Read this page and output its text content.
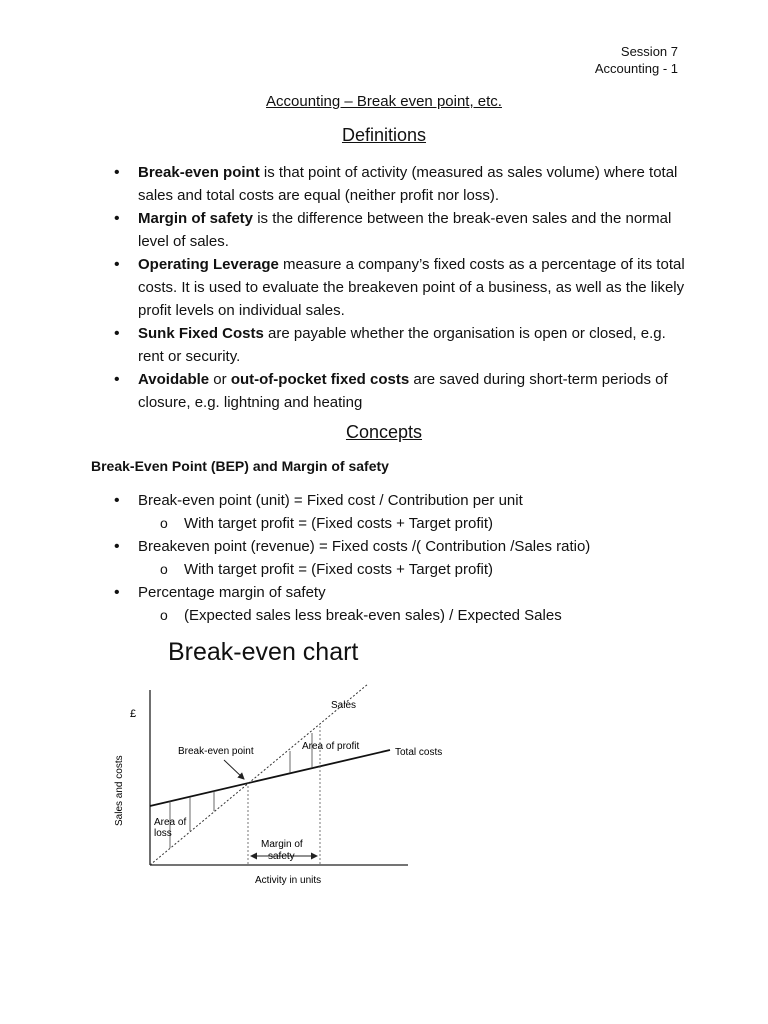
Session 7
Accounting - 1
Accounting – Break even point, etc.
Definitions
• Break-even point is that point of activity (measured as sales volume) where total sales and total costs are equal (neither profit nor loss).
• Margin of safety is the difference between the break-even sales and the normal level of sales.
• Operating Leverage measure a company’s fixed costs as a percentage of its total costs. It is used to evaluate the breakeven point of a business, as well as the likely profit levels on individual sales.
• Sunk Fixed Costs are payable whether the organisation is open or closed, e.g. rent or security.
• Avoidable or out-of-pocket fixed costs are saved during short-term periods of closure, e.g. lightning and heating
Concepts
Break-Even Point (BEP) and Margin of safety
• Break-even point (unit) = Fixed cost / Contribution per unit
o With target profit = (Fixed costs + Target profit)
• Breakeven point (revenue) = Fixed costs /( Contribution /Sales ratio)
o With target profit = (Fixed costs + Target profit)
• Percentage margin of safety
o (Expected sales less break-even sales) / Expected Sales
Break-even chart
£
Sales and costs
Activity in units
Sales
Total costs
Break-even point	Area of profit
Area of
loss
Margin of
safety
